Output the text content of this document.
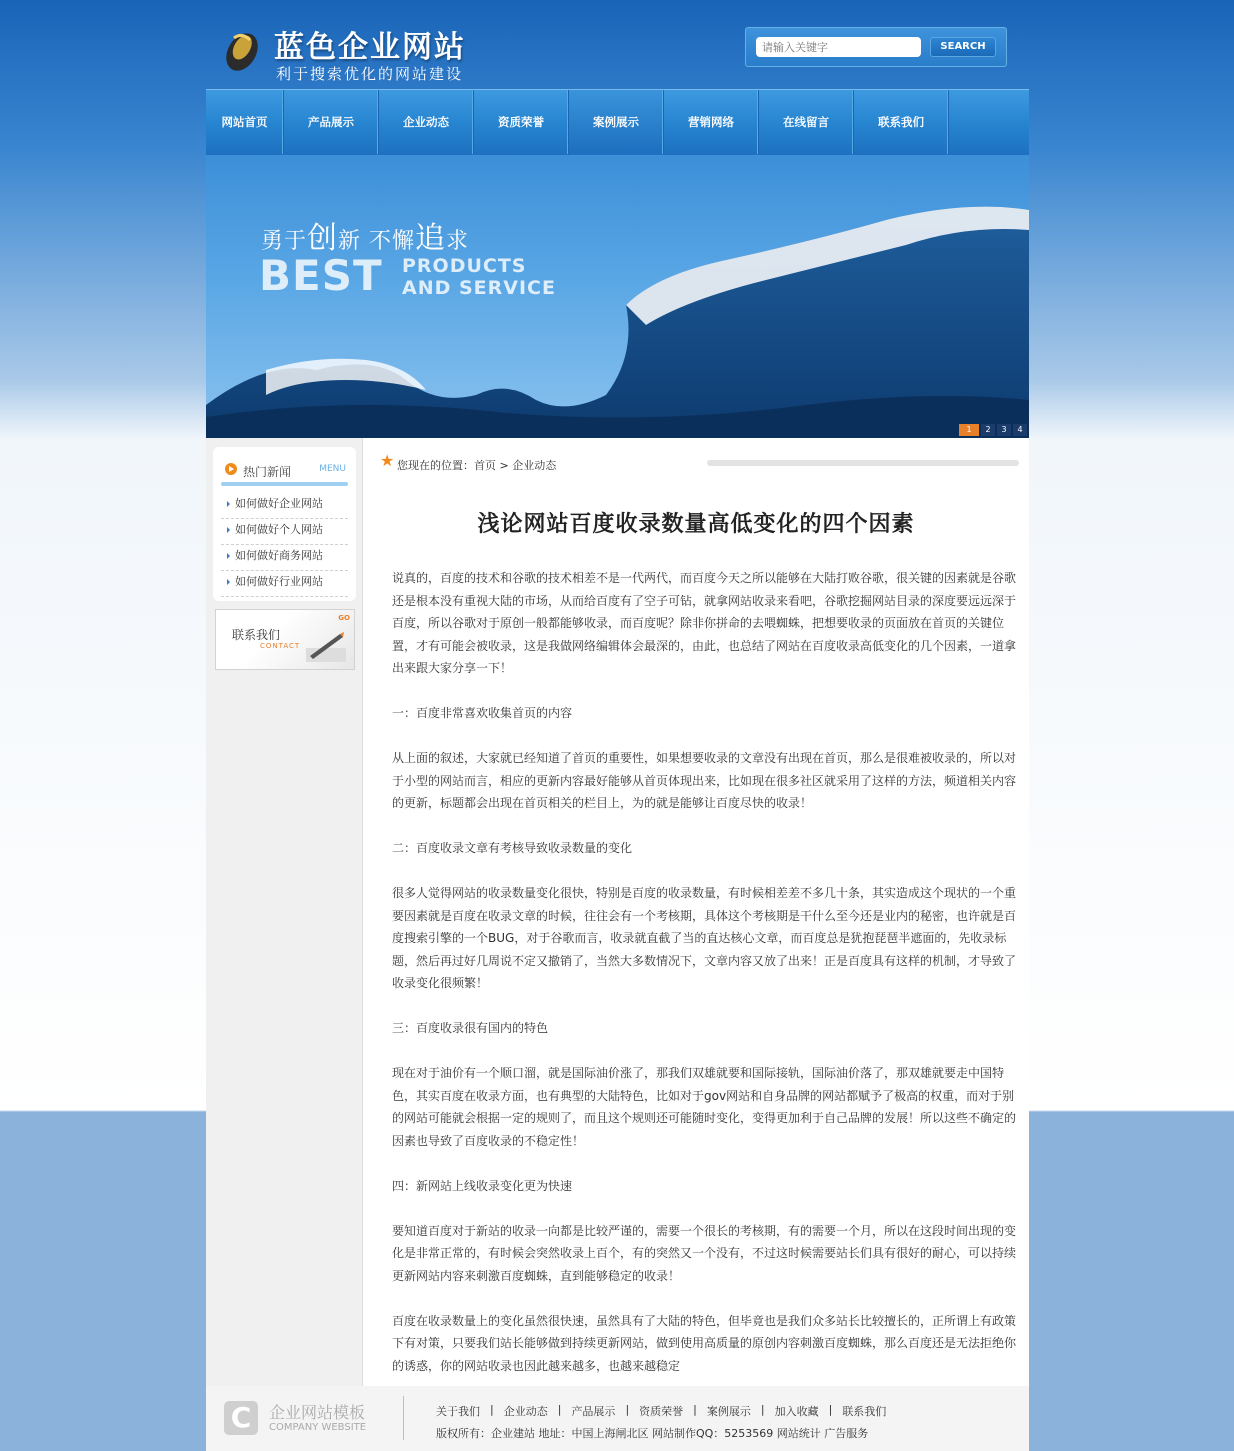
蓝色企业网站
利于搜索优化的网站建设
请输入关键字
SEARCH
网站首页	产品展示	企业动态	资质荣誉	案例展示	营销网络	在线留言	联系我们
勇于创新 不懈追求
BEST PRODUCTS
AND SERVICE
1	2	3	4
热门新闻	MENU
如何做好企业网站
如何做好个人网站
如何做好商务网站
如何做好行业网站
联系我们
CONTACT
GO
★ 您现在的位置：首页 > 企业动态
浅论网站百度收录数量高低变化的四个因素

说真的，百度的技术和谷歌的技术相差不是一代两代，而百度今天之所以能够在大陆打败谷歌，很关键的因素就是谷歌还是根本没有重视大陆的市场，从而给百度有了空子可钻，就拿网站收录来看吧，谷歌挖掘网站目录的深度要远远深于百度，所以谷歌对于原创一般都能够收录，而百度呢？除非你拼命的去喂蜘蛛，把想要收录的页面放在首页的关键位置，才有可能会被收录，这是我做网络编辑体会最深的，由此，也总结了网站在百度收录高低变化的几个因素，一道拿出来跟大家分享一下！

一：百度非常喜欢收集首页的内容

从上面的叙述，大家就已经知道了首页的重要性，如果想要收录的文章没有出现在首页，那么是很难被收录的，所以对于小型的网站而言，相应的更新内容最好能够从首页体现出来，比如现在很多社区就采用了这样的方法，频道相关内容的更新，标题都会出现在首页相关的栏目上，为的就是能够让百度尽快的收录！

二：百度收录文章有考核导致收录数量的变化

很多人觉得网站的收录数量变化很快，特别是百度的收录数量，有时候相差差不多几十条，其实造成这个现状的一个重要因素就是百度在收录文章的时候，往往会有一个考核期，具体这个考核期是干什么至今还是业内的秘密，也许就是百度搜索引擎的一个BUG，对于谷歌而言，收录就直截了当的直达核心文章，而百度总是犹抱琵琶半遮面的，先收录标题，然后再过好几周说不定又撤销了，当然大多数情况下，文章内容又放了出来！正是百度具有这样的机制，才导致了收录变化很频繁！

三：百度收录很有国内的特色

现在对于油价有一个顺口溜，就是国际油价涨了，那我们双雄就要和国际接轨，国际油价落了，那双雄就要走中国特色，其实百度在收录方面，也有典型的大陆特色，比如对于gov网站和自身品牌的网站都赋予了极高的权重，而对于别的网站可能就会根据一定的规则了，而且这个规则还可能随时变化，变得更加利于自己品牌的发展！所以这些不确定的因素也导致了百度收录的不稳定性！

四：新网站上线收录变化更为快速

要知道百度对于新站的收录一向都是比较严谨的，需要一个很长的考核期，有的需要一个月，所以在这段时间出现的变化是非常正常的，有时候会突然收录上百个，有的突然又一个没有，不过这时候需要站长们具有很好的耐心，可以持续更新网站内容来刺激百度蜘蛛，直到能够稳定的收录！

百度在收录数量上的变化虽然很快速，虽然具有了大陆的特色，但毕竟也是我们众多站长比较擅长的，正所谓上有政策下有对策，只要我们站长能够做到持续更新网站，做到使用高质量的原创内容刺激百度蜘蛛，那么百度还是无法拒绝你的诱惑，你的网站收录也因此越来越多，也越来越稳定

C	企业网站模板
COMPANY WEBSITE
关于我们 | 企业动态 | 产品展示 | 资质荣誉 | 案例展示 | 加入收藏 | 联系我们
版权所有：企业建站 地址：中国上海闸北区 网站制作QQ：5253569 网站统计 广告服务
